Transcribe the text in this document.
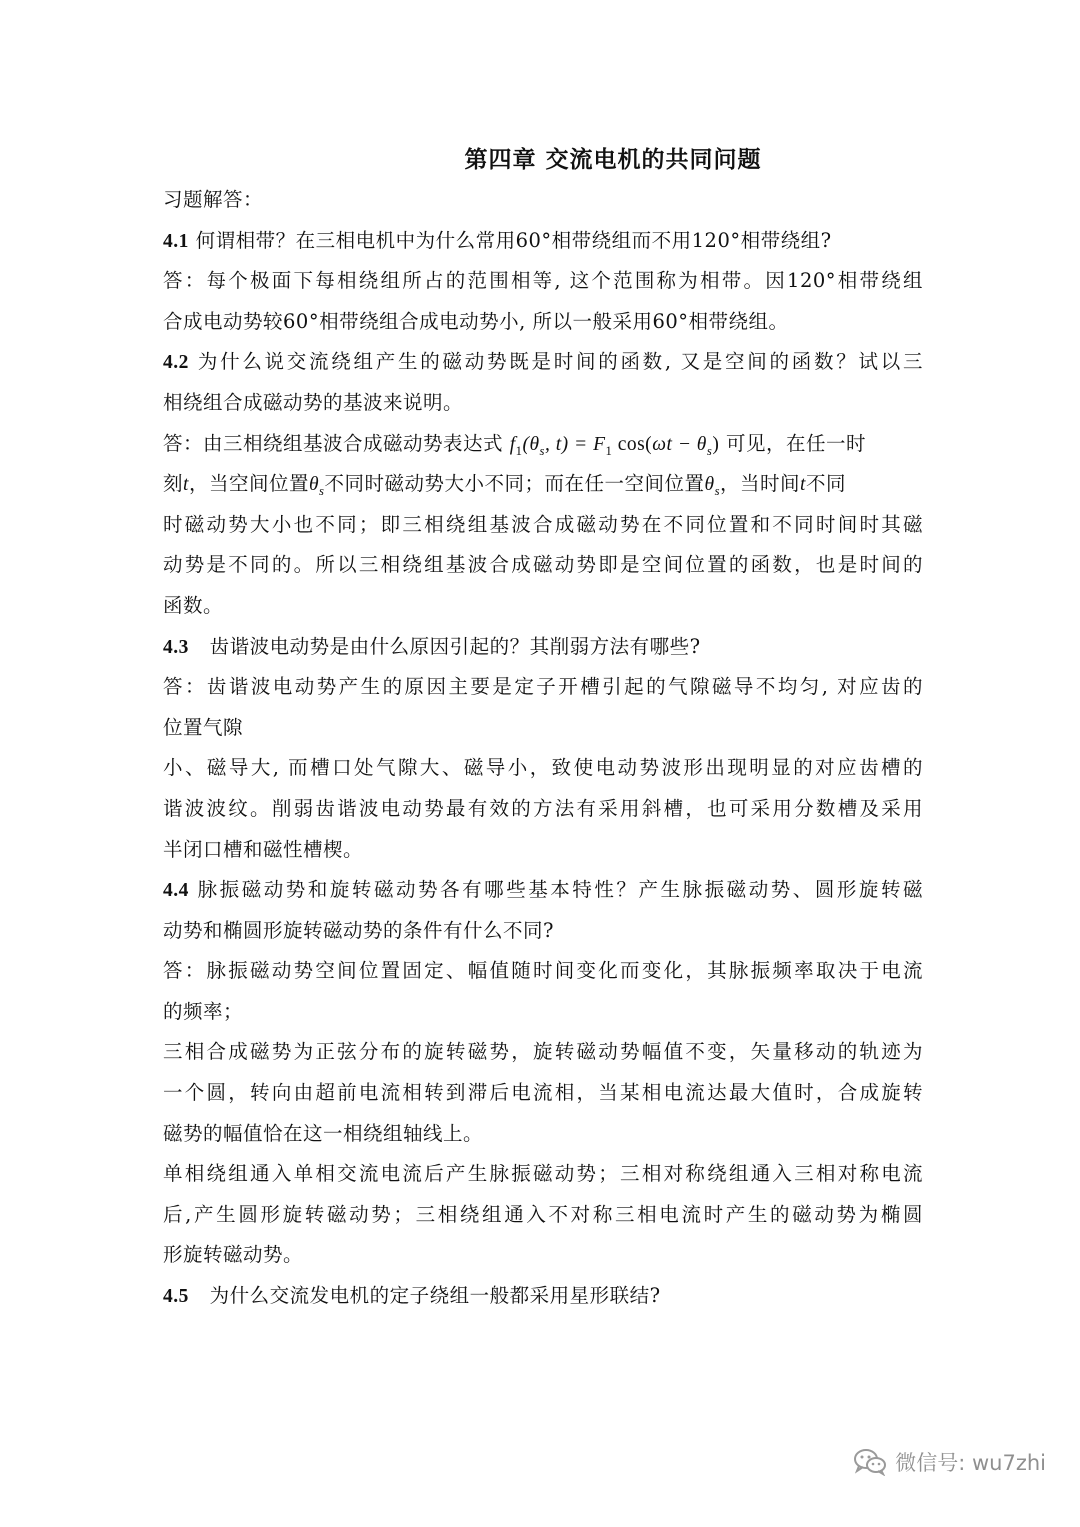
第四章 交流电机的共同问题
习题解答：
4.1 何谓相带？在三相电机中为什么常用60°相带绕组而不用120°相带绕组?
答：每个极面下每相绕组所占的范围相等, 这个范围称为相带。因120°相带绕组
合成电动势较60°相带绕组合成电动势小, 所以一般采用60°相带绕组。
4.2 为什么说交流绕组产生的磁动势既是时间的函数, 又是空间的函数？试以三
相绕组合成磁动势的基波来说明。
答：由三相绕组基波合成磁动势表达式 $f_1(\theta_s$, $t) = F_1$ $\cos(\omega t - \theta_s)$ 可见，在任一时
刻t，当空间位置$\theta_s$不同时磁动势大小不同；而在任一空间位置$\theta_s$，当时间t不同
时磁动势大小也不同；即三相绕组基波合成磁动势在不同位置和不同时间时其磁
动势是不同的。所以三相绕组基波合成磁动势即是空间位置的函数，也是时间的
函数。
4.3 齿谐波电动势是由什么原因引起的？其削弱方法有哪些?
答：齿谐波电动势产生的原因主要是定子开槽引起的气隙磁导不均匀, 对应齿的
位置气隙
小、磁导大, 而槽口处气隙大、磁导小，致使电动势波形出现明显的对应齿槽的
谐波波纹。削弱齿谐波电动势最有效的方法有采用斜槽，也可采用分数槽及采用
半闭口槽和磁性槽楔。
4.4 脉振磁动势和旋转磁动势各有哪些基本特性？产生脉振磁动势、圆形旋转磁
动势和椭圆形旋转磁动势的条件有什么不同?
答：脉振磁动势空间位置固定、幅值随时间变化而变化，其脉振频率取决于电流
的频率；
三相合成磁势为正弦分布的旋转磁势，旋转磁动势幅值不变，矢量移动的轨迹为
一个圆，转向由超前电流相转到滞后电流相，当某相电流达最大值时，合成旋转
磁势的幅值恰在这一相绕组轴线上。
单相绕组通入单相交流电流后产生脉振磁动势；三相对称绕组通入三相对称电流
后,产生圆形旋转磁动势；三相绕组通入不对称三相电流时产生的磁动势为椭圆
形旋转磁动势。
4.5 为什么交流发电机的定子绕组一般都采用星形联结?
微信号: wu7zhi
